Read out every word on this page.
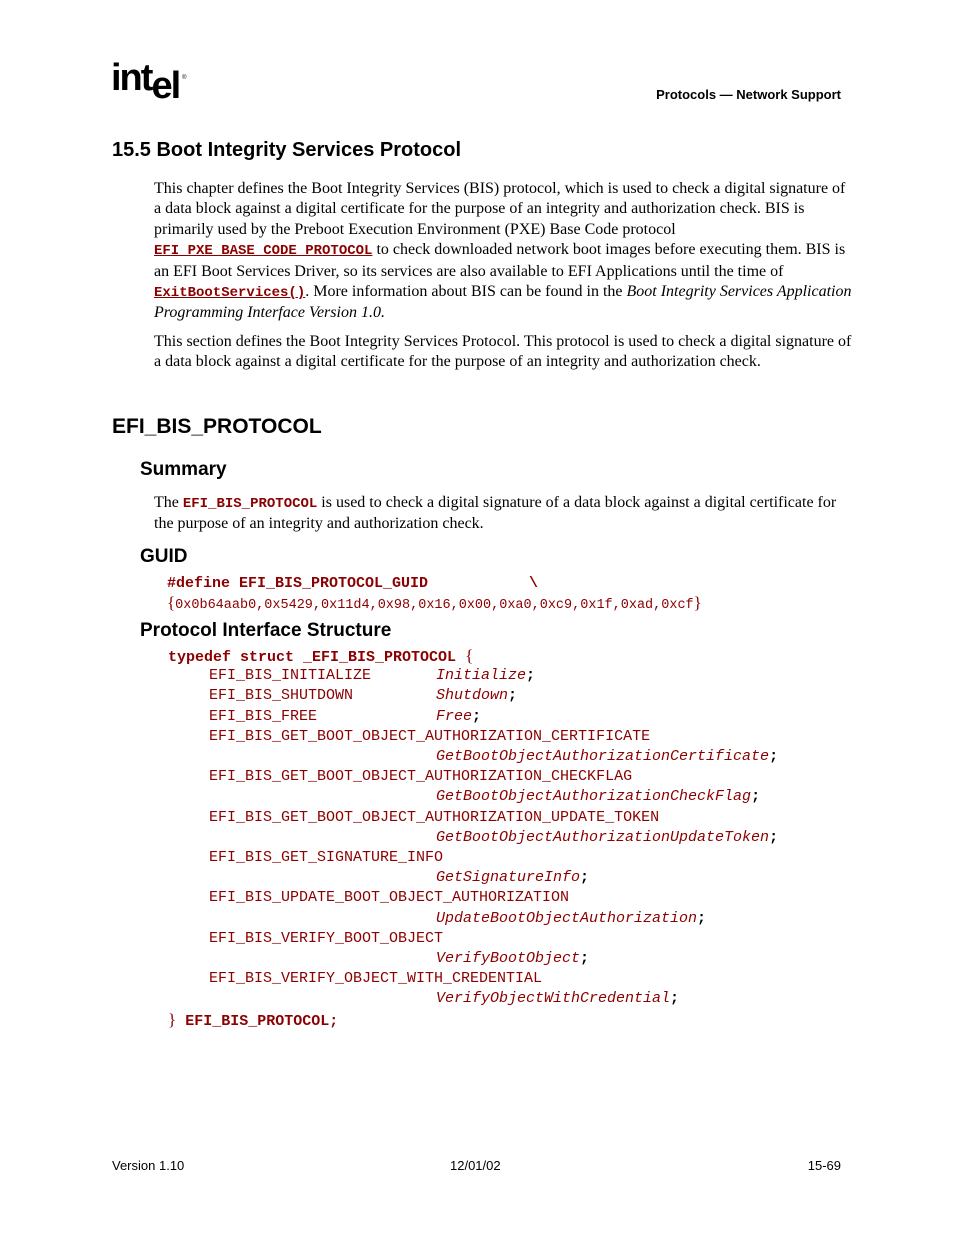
intel ®
Protocols — Network Support
15.5 Boot Integrity Services Protocol
This chapter defines the Boot Integrity Services (BIS) protocol, which is used to check a digital signature of a data block against a digital certificate for the purpose of an integrity and authorization check. BIS is primarily used by the Preboot Execution Environment (PXE) Base Code protocol EFI_PXE_BASE_CODE_PROTOCOL to check downloaded network boot images before executing them. BIS is an EFI Boot Services Driver, so its services are also available to EFI Applications until the time of ExitBootServices(). More information about BIS can be found in the Boot Integrity Services Application Programming Interface Version 1.0.
This section defines the Boot Integrity Services Protocol. This protocol is used to check a digital signature of a data block against a digital certificate for the purpose of an integrity and authorization check.
EFI_BIS_PROTOCOL
Summary
The EFI_BIS_PROTOCOL is used to check a digital signature of a data block against a digital certificate for the purpose of an integrity and authorization check.
GUID
#define EFI_BIS_PROTOCOL_GUID	\
{0x0b64aab0,0x5429,0x11d4,0x98,0x16,0x00,0xa0,0xc9,0x1f,0xad,0xcf}
Protocol Interface Structure
typedef struct _EFI_BIS_PROTOCOL {
EFI_BIS_INITIALIZE	Initialize;
EFI_BIS_SHUTDOWN	Shutdown;
EFI_BIS_FREE	Free;
EFI_BIS_GET_BOOT_OBJECT_AUTHORIZATION_CERTIFICATE
GetBootObjectAuthorizationCertificate;
EFI_BIS_GET_BOOT_OBJECT_AUTHORIZATION_CHECKFLAG
GetBootObjectAuthorizationCheckFlag;
EFI_BIS_GET_BOOT_OBJECT_AUTHORIZATION_UPDATE_TOKEN
GetBootObjectAuthorizationUpdateToken;
EFI_BIS_GET_SIGNATURE_INFO
GetSignatureInfo;
EFI_BIS_UPDATE_BOOT_OBJECT_AUTHORIZATION
UpdateBootObjectAuthorization;
EFI_BIS_VERIFY_BOOT_OBJECT
VerifyBootObject;
EFI_BIS_VERIFY_OBJECT_WITH_CREDENTIAL
VerifyObjectWithCredential;
} EFI_BIS_PROTOCOL;
Version 1.10	12/01/02	15-69
